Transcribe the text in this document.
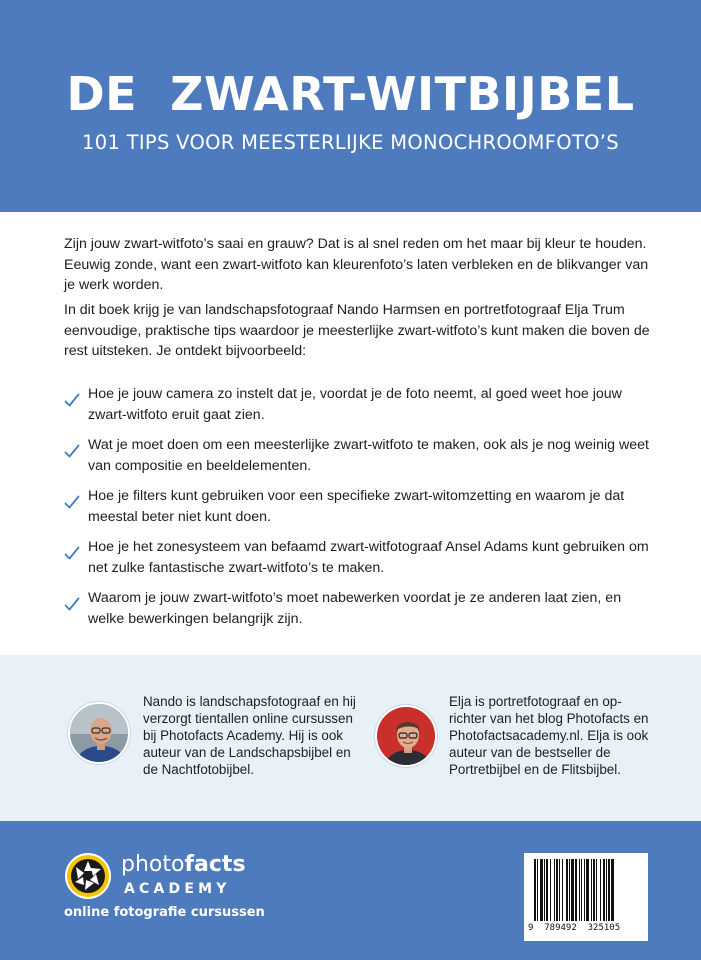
DE  ZWART-WITBIJBEL
101 TIPS VOOR MEESTERLIJKE MONOCHROOMFOTO’S

Zijn jouw zwart-witfoto’s saai en grauw? Dat is al snel reden om het maar bij kleur te houden. Eeuwig zonde, want een zwart-witfoto kan kleurenfoto’s laten verbleken en de blikvanger van je werk worden.

In dit boek krijg je van landschapsfotograaf Nando Harmsen en portretfotograaf Elja Trum eenvoudige, praktische tips waardoor je meesterlijke zwart-witfoto’s kunt maken die boven de rest uitsteken. Je ontdekt bijvoorbeeld:

Hoe je jouw camera zo instelt dat je, voordat je de foto neemt, al goed weet hoe jouw zwart-witfoto eruit gaat zien.
Wat je moet doen om een meesterlijke zwart-witfoto te maken, ook als je nog weinig weet van compositie en beeldelementen.
Hoe je filters kunt gebruiken voor een specifieke zwart-witomzetting en waarom je dat meestal beter niet kunt doen.
Hoe je het zonesysteem van befaamd zwart-witfotograaf Ansel Adams kunt gebruiken om net zulke fantastische zwart-witfoto’s te maken.
Waarom je jouw zwart-witfoto’s moet nabewerken voordat je ze anderen laat zien, en welke bewerkingen belangrijk zijn.

Nando is landschapsfotograaf en hij verzorgt tientallen online cursussen bij Photofacts Academy. Hij is ook auteur van de Landschapsbijbel en de Nachtfotobijbel.

Elja is portretfotograaf en op-richter van het blog Photofacts en Photofactsacademy.nl. Elja is ook auteur van de bestseller de Portretbijbel en de Flitsbijbel.

photofacts
ACADEMY
online fotografie cursussen
9  789492  325105
